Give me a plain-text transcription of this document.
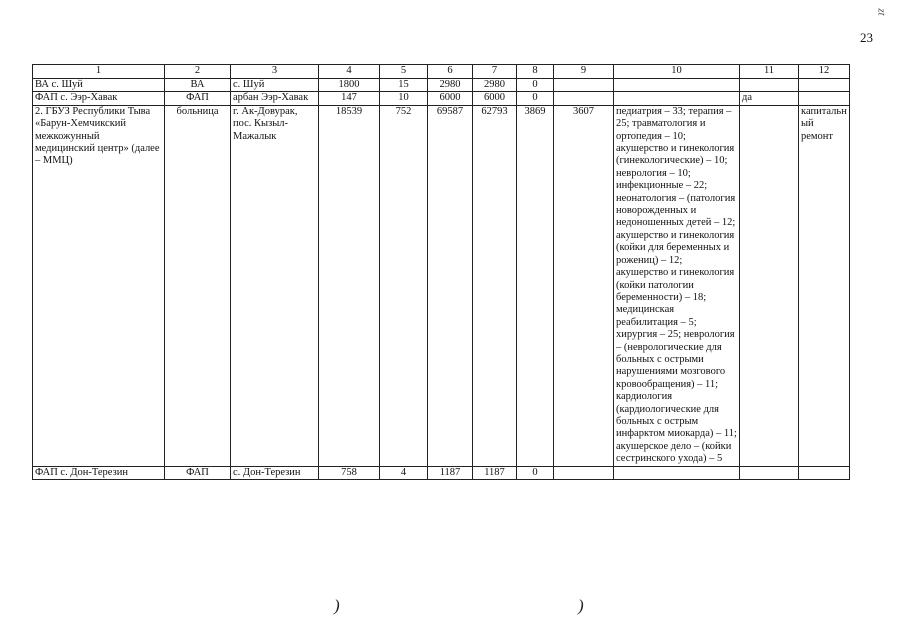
zt
23
1	2	3	4	5	6	7	8	9	10	11	12
ВА с. Шуй	ВА	с. Шуй	1800	15	2980	2980	0				
ФАП с. Ээр-Хавак	ФАП	арбан Ээр-Хавак	147	10	6000	6000	0			да	
2. ГБУЗ Республики Тыва «Барун-Хемчикский межкожунный медицинский центр» (далее – ММЦ)	больница	г. Ак-Довурак, пос. Кызыл-Мажалык	18539	752	69587	62793	3869	3607	педиатрия – 33; терапия – 25; травматология и ортопедия – 10; акушерство и гинекология (гинекологические) – 10; неврология – 10; инфекционные – 22; неонатология – (патология новорожденных и недоношенных детей – 12; акушерство и гинекология (койки для беременных и рожениц) – 12; акушерство и гинекология (койки патологии беременности) – 18; медицинская реабилитация – 5; хирургия – 25; неврология – (неврологические для больных с острыми нарушениями мозгового кровообращения) – 11; кардиология (кардиологические для больных с острым инфарктом миокарда) – 11; акушерское дело – (койки сестринского ухода) – 5		капитальный ремонт
ФАП с. Дон-Терезин	ФАП	с. Дон-Терезин	758	4	1187	1187	0				
)	)
